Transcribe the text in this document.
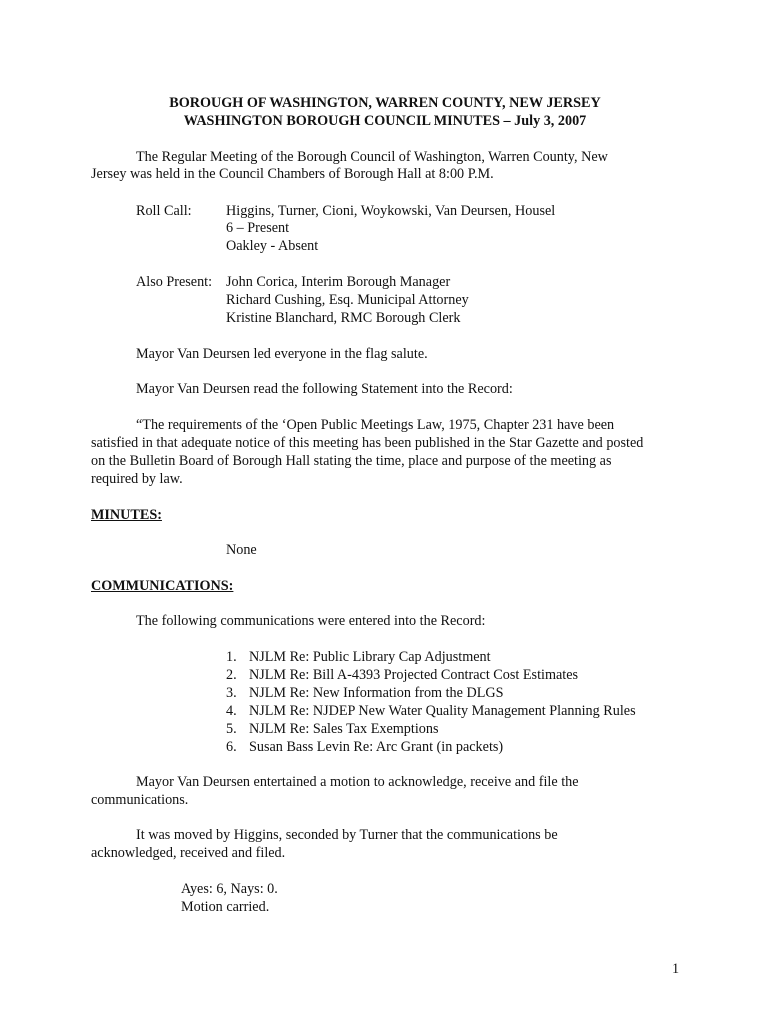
BOROUGH OF WASHINGTON, WARREN COUNTY, NEW JERSEY
WASHINGTON BOROUGH COUNCIL MINUTES – July 3, 2007
The Regular Meeting of the Borough Council of Washington, Warren County, New
Jersey was held in the Council Chambers of Borough Hall at 8:00 P.M.
Roll Call: Higgins, Turner, Cioni, Woykowski, Van Deursen, Housel
6 – Present
Oakley - Absent
Also Present: John Corica, Interim Borough Manager
Richard Cushing, Esq. Municipal Attorney
Kristine Blanchard, RMC Borough Clerk
Mayor Van Deursen led everyone in the flag salute.
Mayor Van Deursen read the following Statement into the Record:
“The requirements of the ‘Open Public Meetings Law, 1975, Chapter 231 have been
satisfied in that adequate notice of this meeting has been published in the Star Gazette and posted
on the Bulletin Board of Borough Hall stating the time, place and purpose of the meeting as
required by law.
MINUTES:
None
COMMUNICATIONS:
The following communications were entered into the Record:
1. NJLM Re: Public Library Cap Adjustment
2. NJLM Re: Bill A-4393 Projected Contract Cost Estimates
3. NJLM Re: New Information from the DLGS
4. NJLM Re: NJDEP New Water Quality Management Planning Rules
5. NJLM Re: Sales Tax Exemptions
6. Susan Bass Levin Re: Arc Grant (in packets)
Mayor Van Deursen entertained a motion to acknowledge, receive and file the
communications.
It was moved by Higgins, seconded by Turner that the communications be
acknowledged, received and filed.
Ayes: 6, Nays: 0.
Motion carried.
1
